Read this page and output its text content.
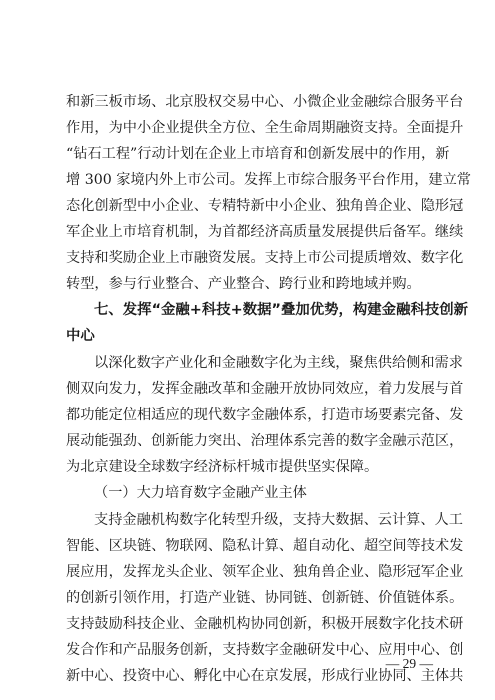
和新三板市场、北京股权交易中心、小微企业金融综合服务平台
作用，为中小企业提供全方位、全生命周期融资支持。全面提升
“钻石工程”行动计划在企业上市培育和创新发展中的作用，新
增 300 家境内外上市公司。发挥上市综合服务平台作用，建立常
态化创新型中小企业、专精特新中小企业、独角兽企业、隐形冠
军企业上市培育机制，为首都经济高质量发展提供后备军。继续
支持和奖励企业上市融资发展。支持上市公司提质增效、数字化
转型，参与行业整合、产业整合、跨行业和跨地域并购。
七、发挥“金融+科技+数据”叠加优势，构建金融科技创新
中心
以深化数字产业化和金融数字化为主线，聚焦供给侧和需求
侧双向发力，发挥金融改革和金融开放协同效应，着力发展与首
都功能定位相适应的现代数字金融体系，打造市场要素完备、发
展动能强劲、创新能力突出、治理体系完善的数字金融示范区，
为北京建设全球数字经济标杆城市提供坚实保障。
（一）大力培育数字金融产业主体
支持金融机构数字化转型升级，支持大数据、云计算、人工
智能、区块链、物联网、隐私计算、超自动化、超空间等技术发
展应用，发挥龙头企业、领军企业、独角兽企业、隐形冠军企业
的创新引领作用，打造产业链、协同链、创新链、价值链体系。
支持鼓励科技企业、金融机构协同创新，积极开展数字化技术研
发合作和产品服务创新，支持数字金融研发中心、应用中心、创
新中心、投资中心、孵化中心在京发展，形成行业协同、主体共
— 29 —
